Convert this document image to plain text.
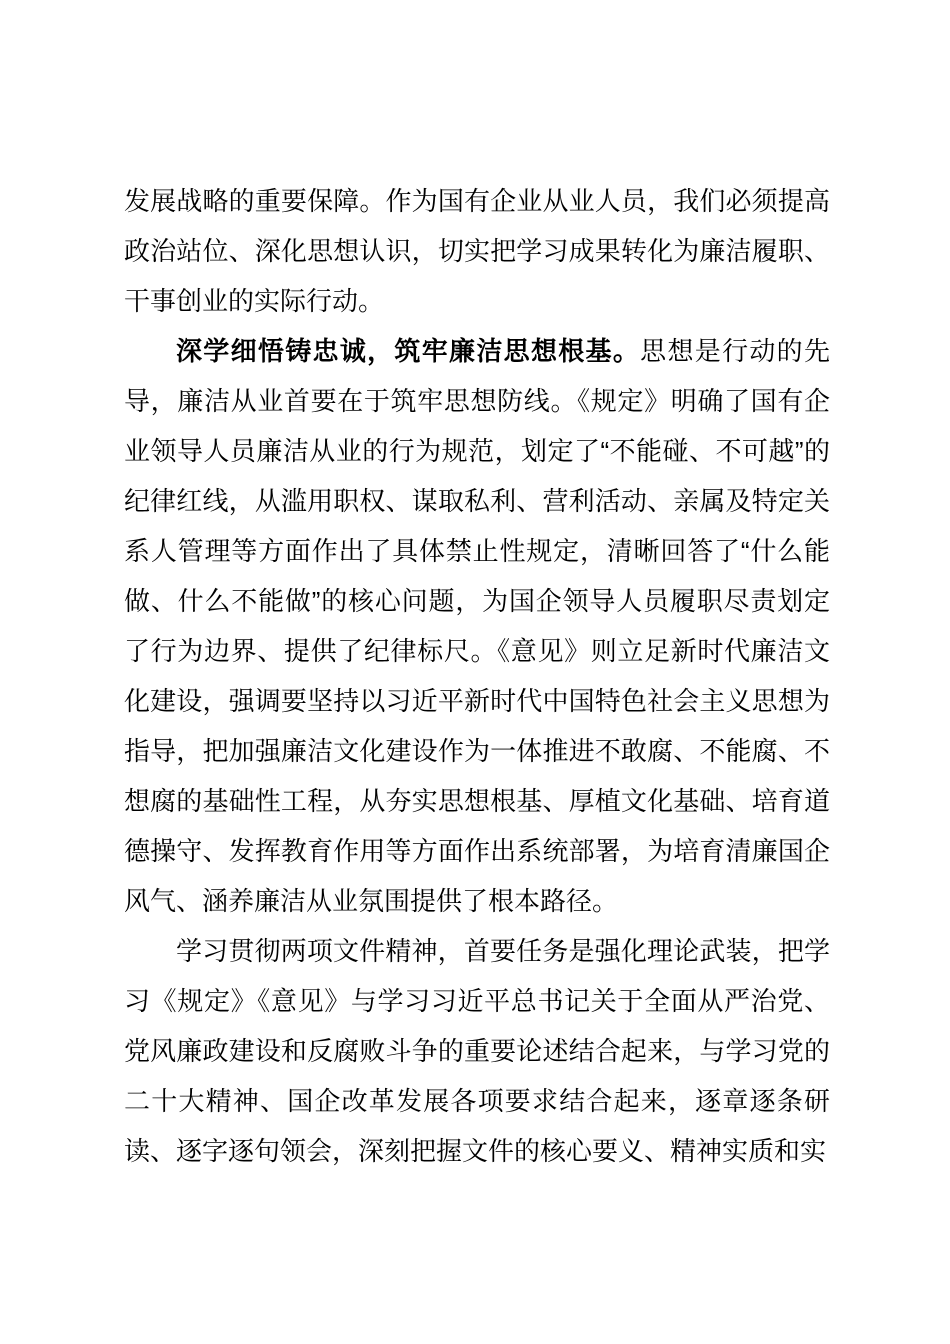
发展战略的重要保障。作为国有企业从业人员，我们必须提高政治站位、深化思想认识，切实把学习成果转化为廉洁履职、干事创业的实际行动。

深学细悟铸忠诚，筑牢廉洁思想根基。思想是行动的先导，廉洁从业首要在于筑牢思想防线。《规定》明确了国有企业领导人员廉洁从业的行为规范，划定了“不能碰、不可越”的纪律红线，从滥用职权、谋取私利、营利活动、亲属及特定关系人管理等方面作出了具体禁止性规定，清晰回答了“什么能做、什么不能做”的核心问题，为国企领导人员履职尽责划定了行为边界、提供了纪律标尺。《意见》则立足新时代廉洁文化建设，强调要坚持以习近平新时代中国特色社会主义思想为指导，把加强廉洁文化建设作为一体推进不敢腐、不能腐、不想腐的基础性工程，从夯实思想根基、厚植文化基础、培育道德操守、发挥教育作用等方面作出系统部署，为培育清廉国企风气、涵养廉洁从业氛围提供了根本路径。

学习贯彻两项文件精神，首要任务是强化理论武装，把学习《规定》《意见》与学习习近平总书记关于全面从严治党、党风廉政建设和反腐败斗争的重要论述结合起来，与学习党的二十大精神、国企改革发展各项要求结合起来，逐章逐条研读、逐字逐句领会，深刻把握文件的核心要义、精神实质和实
